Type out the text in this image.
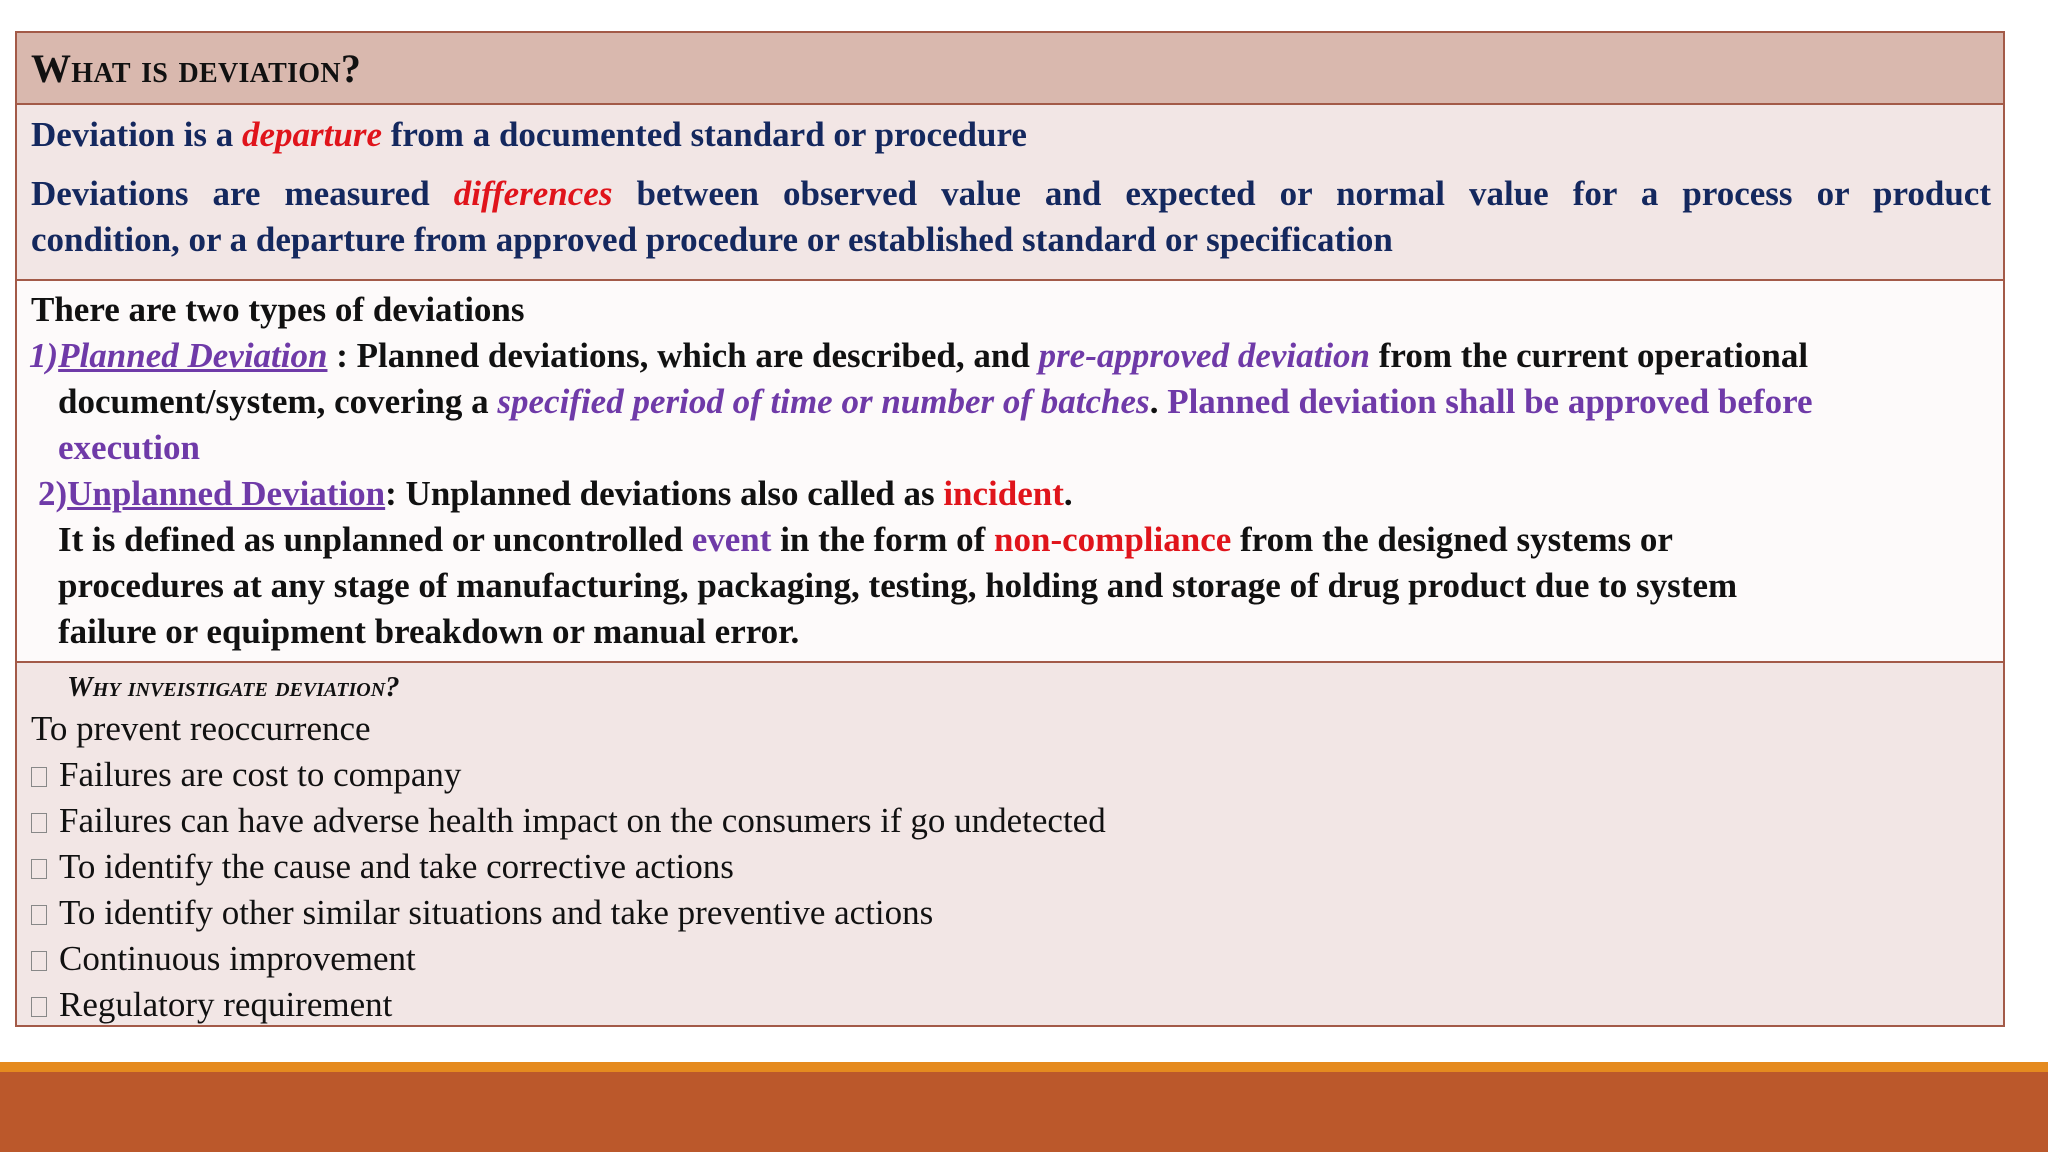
What is deviation?
Deviation is a departure from a documented standard or procedure
Deviations are measured differences between observed value and expected or normal value for a process or product
condition, or a departure from approved procedure or established standard or specification
There are two types of deviations
1)Planned Deviation : Planned deviations, which are described, and pre-approved deviation from the current operational
document/system, covering a specified period of time or number of batches. Planned deviation shall be approved before
execution
2)Unplanned Deviation: Unplanned deviations also called as incident.
It is defined as unplanned or uncontrolled event in the form of non-compliance from the designed systems or
procedures at any stage of manufacturing, packaging, testing, holding and storage of drug product due to system
failure or equipment breakdown or manual error.
Why inveistigate deviation?
To prevent reoccurrence
Failures are cost to company
Failures can have adverse health impact on the consumers if go undetected
To identify the cause and take corrective actions
To identify other similar situations and take preventive actions
Continuous improvement
Regulatory requirement
